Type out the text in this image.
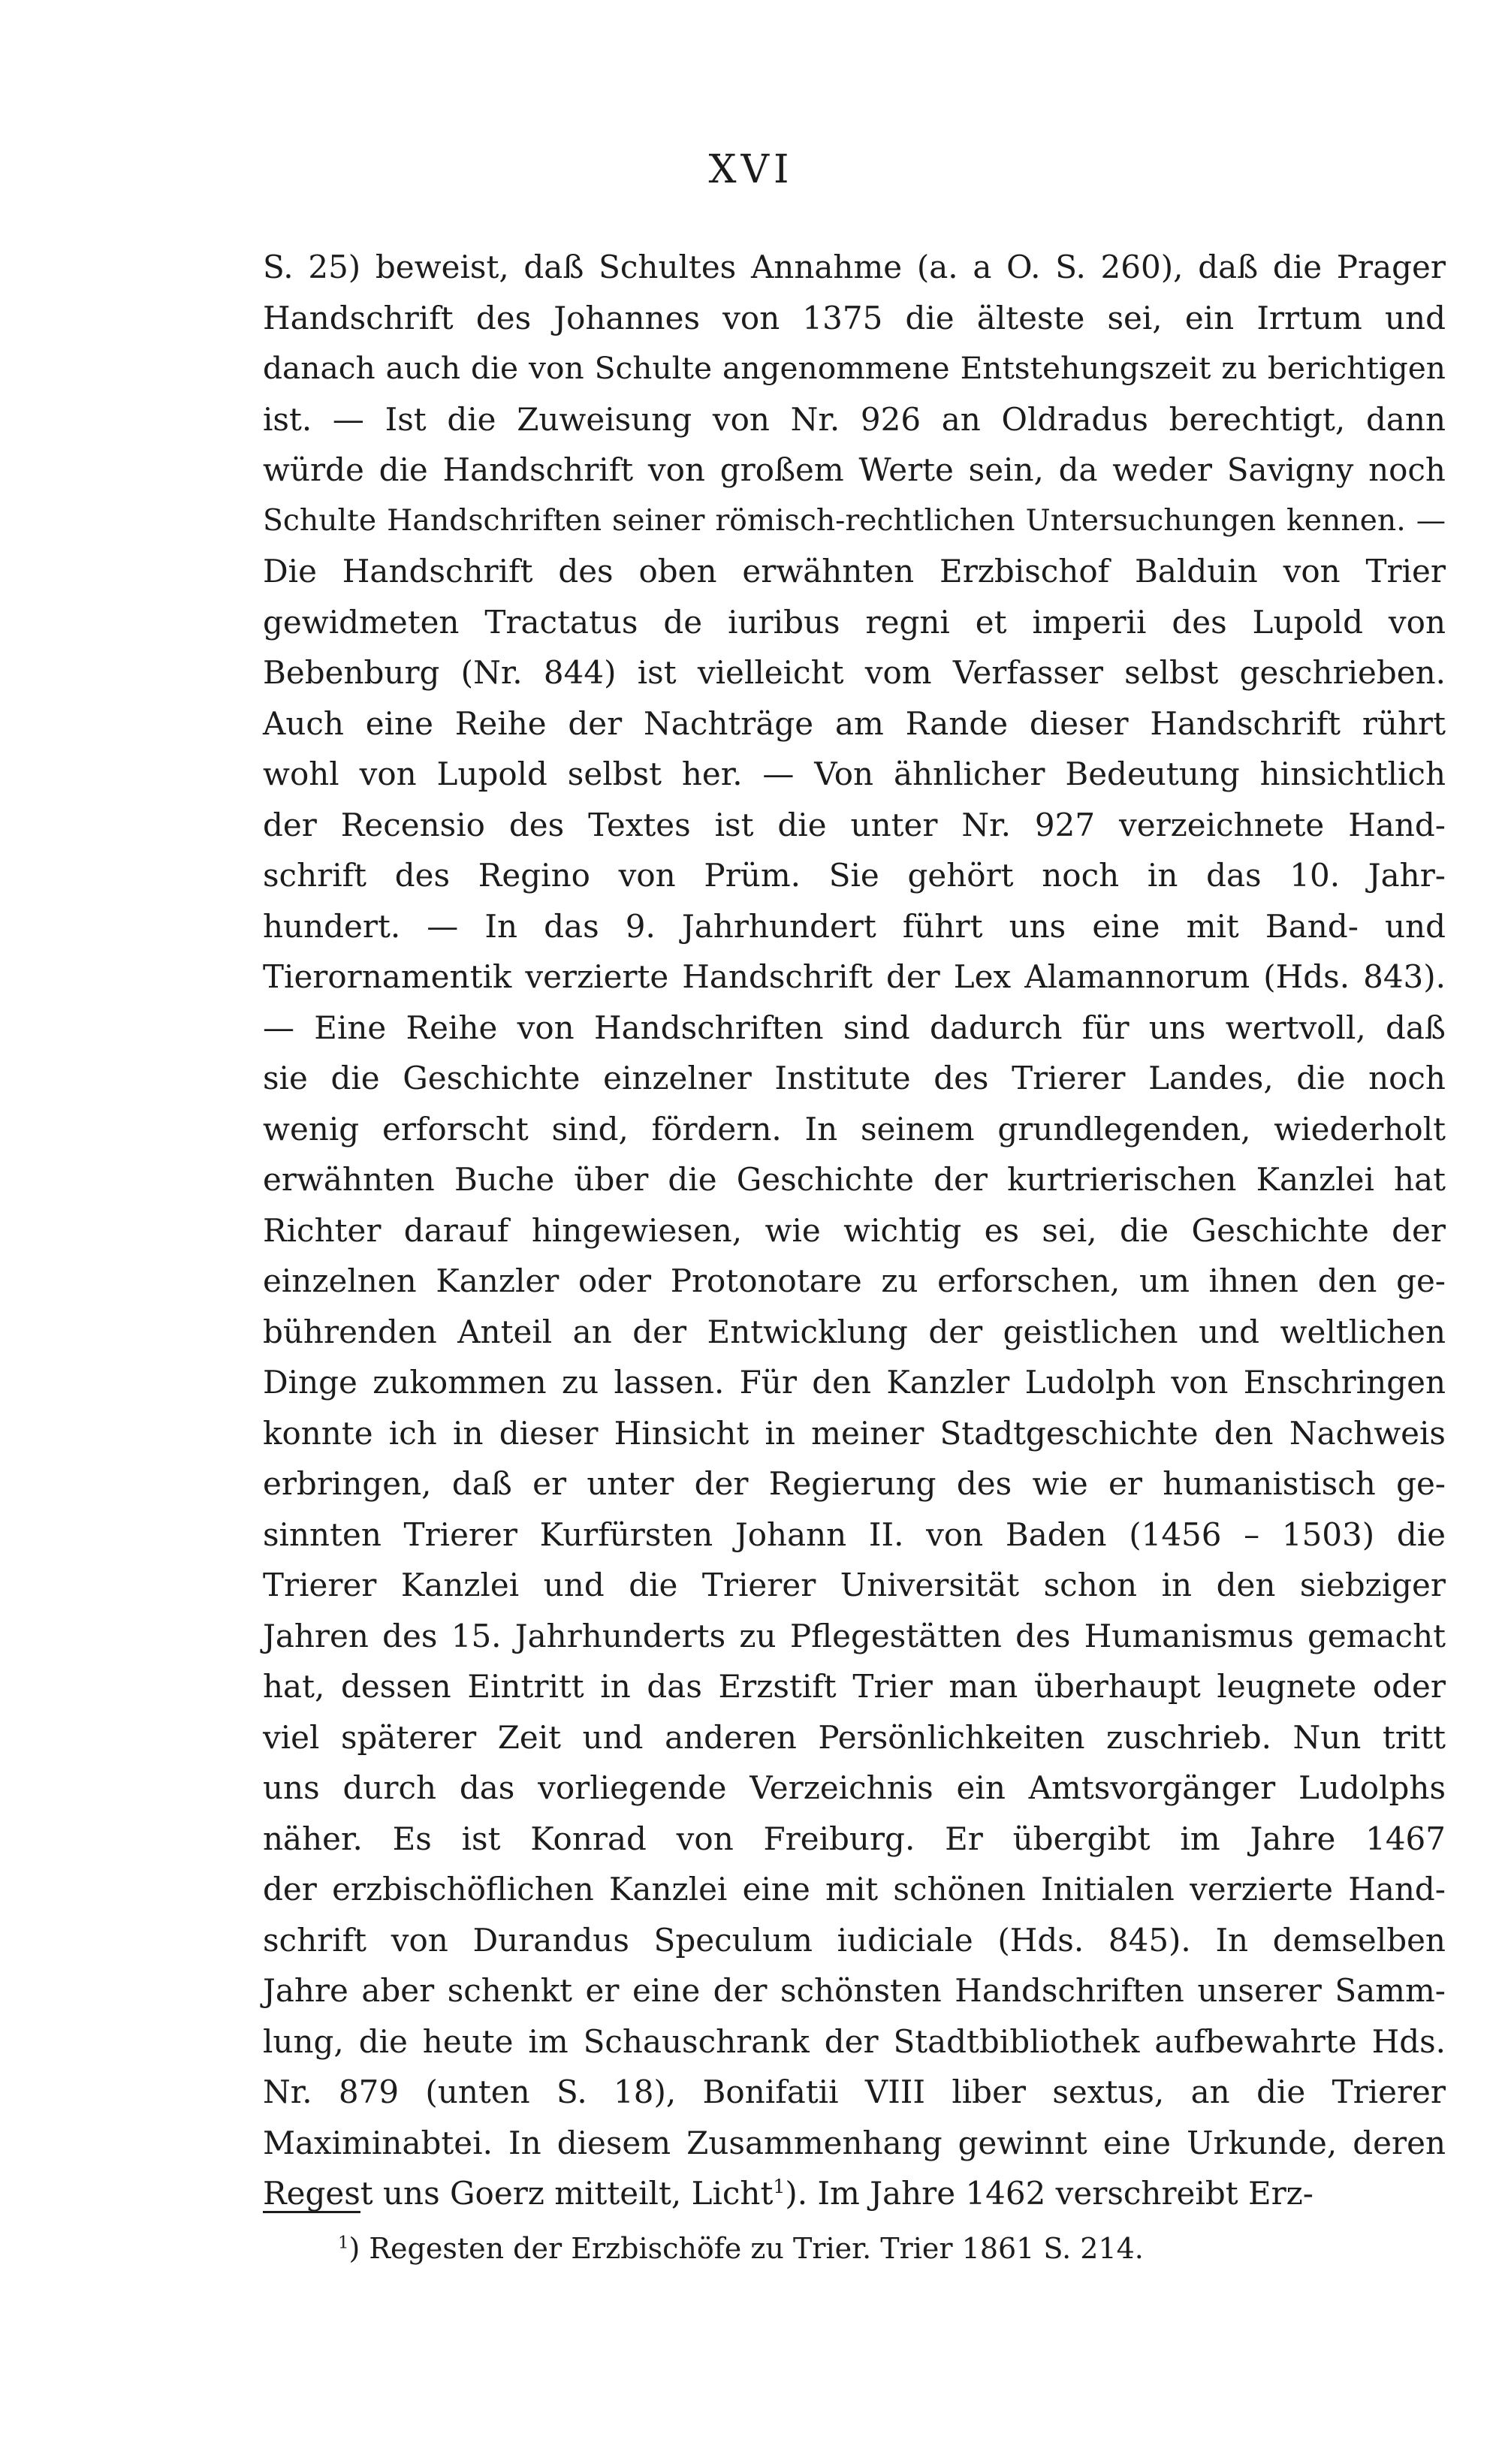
XVI
S. 25) beweist, daß Schultes Annahme (a. a O. S. 260), daß die Prager
Handschrift des Johannes von 1375 die älteste sei, ein Irrtum und
danach auch die von Schulte angenommene Entstehungszeit zu berichtigen
ist. — Ist die Zuweisung von Nr. 926 an Oldradus berechtigt, dann
würde die Handschrift von großem Werte sein, da weder Savigny noch
Schulte Handschriften seiner römisch-rechtlichen Untersuchungen kennen. —
Die Handschrift des oben erwähnten Erzbischof Balduin von Trier
gewidmeten Tractatus de iuribus regni et imperii des Lupold von
Bebenburg (Nr. 844) ist vielleicht vom Verfasser selbst geschrieben.
Auch eine Reihe der Nachträge am Rande dieser Handschrift rührt
wohl von Lupold selbst her. — Von ähnlicher Bedeutung hinsichtlich
der Recensio des Textes ist die unter Nr. 927 verzeichnete Hand-
schrift des Regino von Prüm. Sie gehört noch in das 10. Jahr-
hundert. — In das 9. Jahrhundert führt uns eine mit Band- und
Tierornamentik verzierte Handschrift der Lex Alamannorum (Hds. 843).
— Eine Reihe von Handschriften sind dadurch für uns wertvoll, daß
sie die Geschichte einzelner Institute des Trierer Landes, die noch
wenig erforscht sind, fördern. In seinem grundlegenden, wiederholt
erwähnten Buche über die Geschichte der kurtrierischen Kanzlei hat
Richter darauf hingewiesen, wie wichtig es sei, die Geschichte der
einzelnen Kanzler oder Protonotare zu erforschen, um ihnen den ge-
bührenden Anteil an der Entwicklung der geistlichen und weltlichen
Dinge zukommen zu lassen. Für den Kanzler Ludolph von Enschringen
konnte ich in dieser Hinsicht in meiner Stadtgeschichte den Nachweis
erbringen, daß er unter der Regierung des wie er humanistisch ge-
sinnten Trierer Kurfürsten Johann II. von Baden (1456 – 1503) die
Trierer Kanzlei und die Trierer Universität schon in den siebziger
Jahren des 15. Jahrhunderts zu Pflegestätten des Humanismus gemacht
hat, dessen Eintritt in das Erzstift Trier man überhaupt leugnete oder
viel späterer Zeit und anderen Persönlichkeiten zuschrieb. Nun tritt
uns durch das vorliegende Verzeichnis ein Amtsvorgänger Ludolphs
näher. Es ist Konrad von Freiburg. Er übergibt im Jahre 1467
der erzbischöflichen Kanzlei eine mit schönen Initialen verzierte Hand-
schrift von Durandus Speculum iudiciale (Hds. 845). In demselben
Jahre aber schenkt er eine der schönsten Handschriften unserer Samm-
lung, die heute im Schauschrank der Stadtbibliothek aufbewahrte Hds.
Nr. 879 (unten S. 18), Bonifatii VIII liber sextus, an die Trierer
Maximinabtei. In diesem Zusammenhang gewinnt eine Urkunde, deren
Regest uns Goerz mitteilt, Licht$^1$). Im Jahre 1462 verschreibt Erz-
$^1$) Regesten der Erzbischöfe zu Trier. Trier 1861 S. 214.
